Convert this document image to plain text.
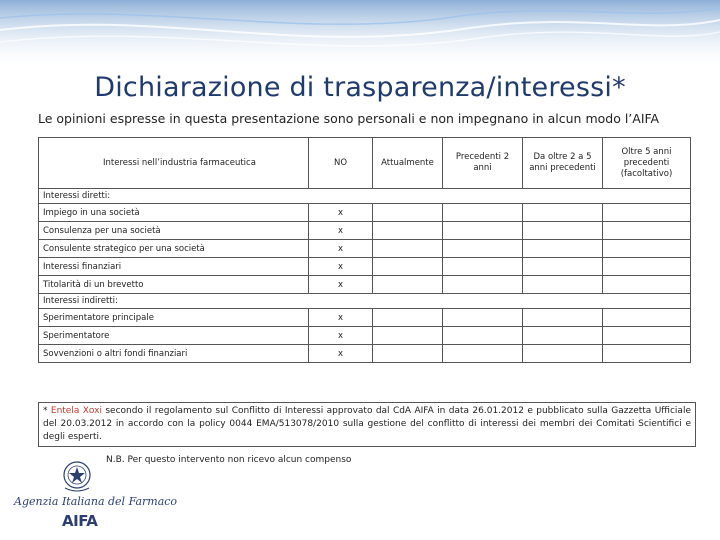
Dichiarazione di trasparenza/interessi*
Le opinioni espresse in questa presentazione sono personali e non impegnano in alcun modo l’AIFA
Interessi nell’industria farmaceutica	NO	Attualmente	Precedenti 2 anni	Da oltre 2 a 5 anni precedenti	Oltre 5 anni precedenti (facoltativo)
Interessi diretti:					
Impiego in una società	x				
Consulenza per una società	x				
Consulente strategico per una società	x				
Interessi finanziari	x				
Titolarità di un brevetto	x				
Interessi indiretti:					
Sperimentatore principale	x				
Sperimentatore	x				
Sovvenzioni o altri fondi finanziari	x				
* Entela Xoxi secondo il regolamento sul Conflitto di Interessi approvato dal CdA AIFA in data 26.01.2012 e pubblicato sulla Gazzetta Ufficiale del 20.03.2012 in accordo con la policy 0044 EMA/513078/2010 sulla gestione del conflitto di interessi dei membri dei Comitati Scientifici e degli esperti.
N.B. Per questo intervento non ricevo alcun compenso
Agenzia Italiana del Farmaco
AIFA
